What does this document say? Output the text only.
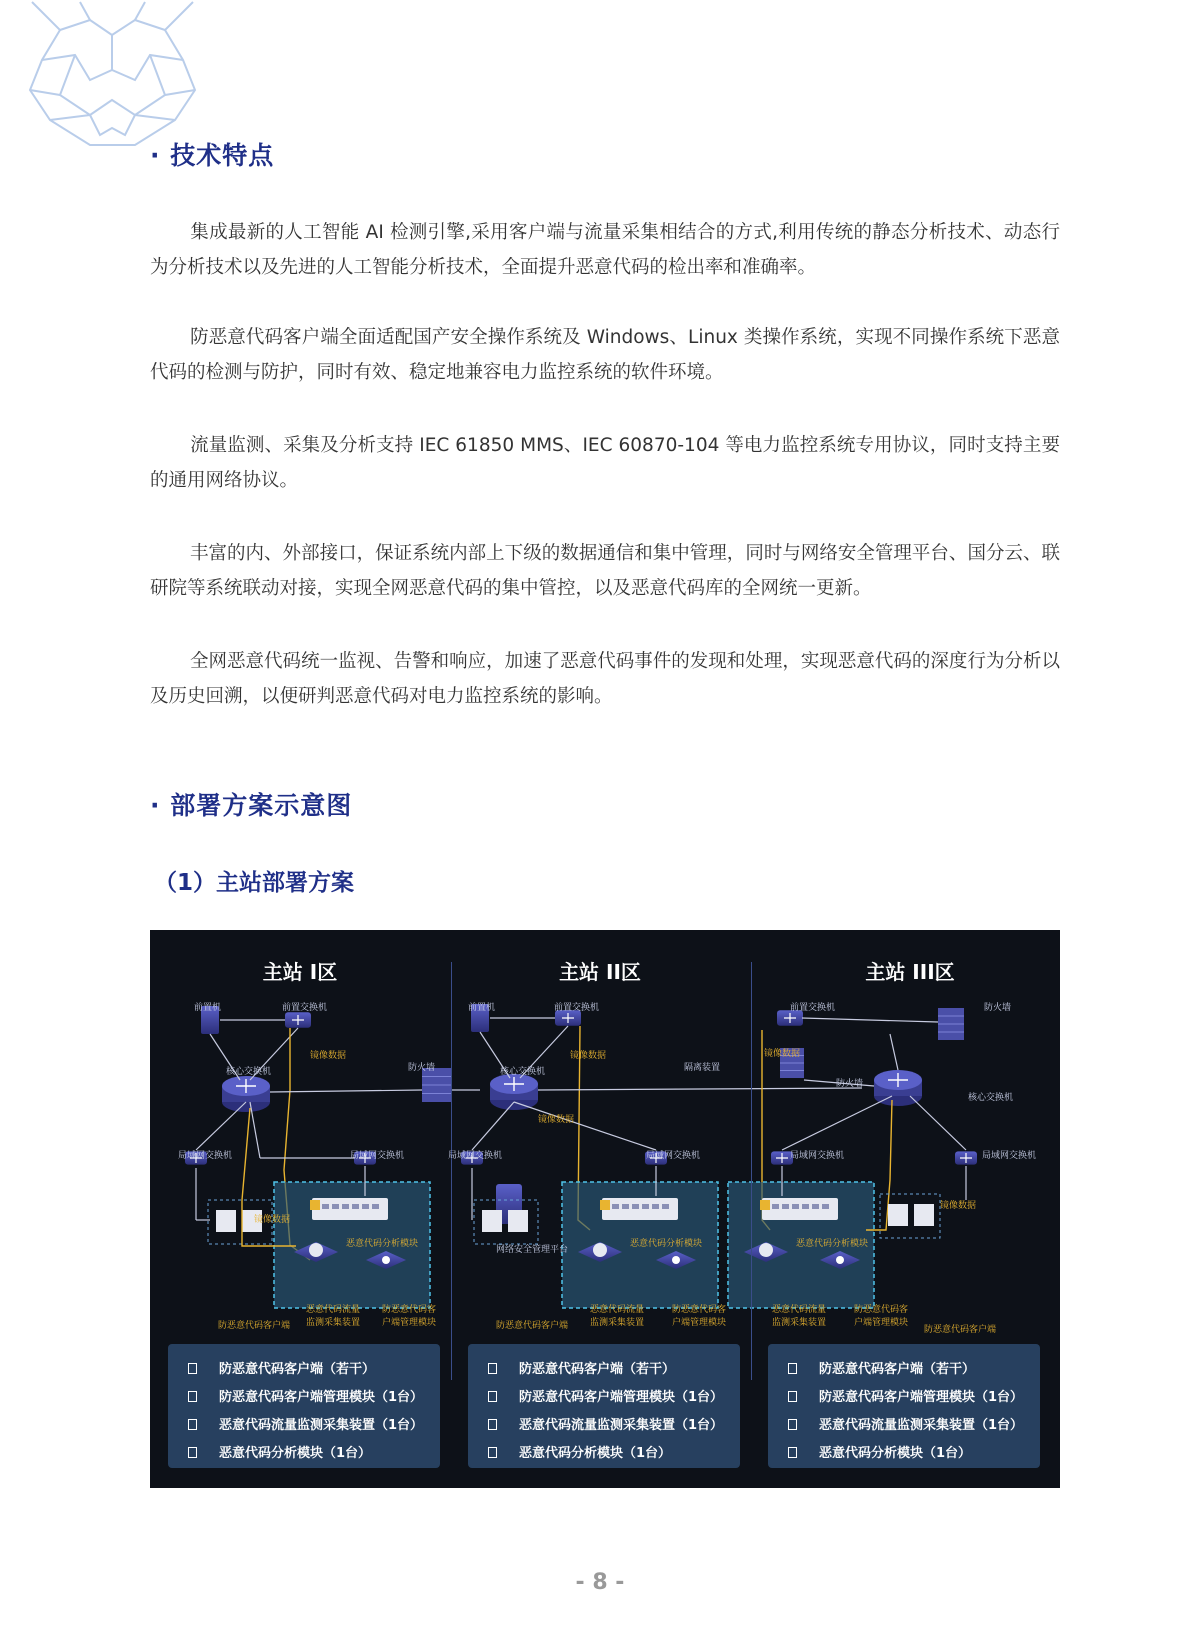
· 技术特点
集成最新的人工智能 AI 检测引擎,采用客户端与流量采集相结合的方式,利用传统的静态分析技术、动态行为分析技术以及先进的人工智能分析技术，全面提升恶意代码的检出率和准确率。
防恶意代码客户端全面适配国产安全操作系统及 Windows、Linux 类操作系统，实现不同操作系统下恶意代码的检测与防护，同时有效、稳定地兼容电力监控系统的软件环境。
流量监测、采集及分析支持 IEC 61850 MMS、IEC 60870-104 等电力监控系统专用协议，同时支持主要的通用网络协议。
丰富的内、外部接口，保证系统内部上下级的数据通信和集中管理，同时与网络安全管理平台、国分云、联研院等系统联动对接，实现全网恶意代码的集中管控，以及恶意代码库的全网统一更新。
全网恶意代码统一监视、告警和响应，加速了恶意代码事件的发现和处理，实现恶意代码的深度行为分析以及历史回溯，以便研判恶意代码对电力监控系统的影响。
· 部署方案示意图
（1）主站部署方案
主站 I区	主站 II区	主站 III区
前置机	前置交换机
镜像数据
核心交换机	防火墙
局域网交换机	局域网交换机
镜像数据
恶意代码分析模块
防恶意代码客户端
恶意代码流量监测采集装置
防恶意代码客户端管理模块
前置机	前置交换机
镜像数据
核心交换机	隔离装置
镜像数据
局域网交换机	局域网交换机
网络安全管理平台
恶意代码分析模块
防恶意代码客户端
恶意代码流量监测采集装置
防恶意代码客户端管理模块
前置交换机	防火墙
镜像数据
防火墙
核心交换机
局域网交换机	局域网交换机
镜像数据
恶意代码分析模块
防恶意代码客户端
恶意代码流量监测采集装置
防恶意代码客户端管理模块
防恶意代码客户端（若干）
防恶意代码客户端管理模块（1台）
恶意代码流量监测采集装置（1台）
恶意代码分析模块（1台）
防恶意代码客户端（若干）
防恶意代码客户端管理模块（1台）
恶意代码流量监测采集装置（1台）
恶意代码分析模块（1台）
防恶意代码客户端（若干）
防恶意代码客户端管理模块（1台）
恶意代码流量监测采集装置（1台）
恶意代码分析模块（1台）
- 8 -
